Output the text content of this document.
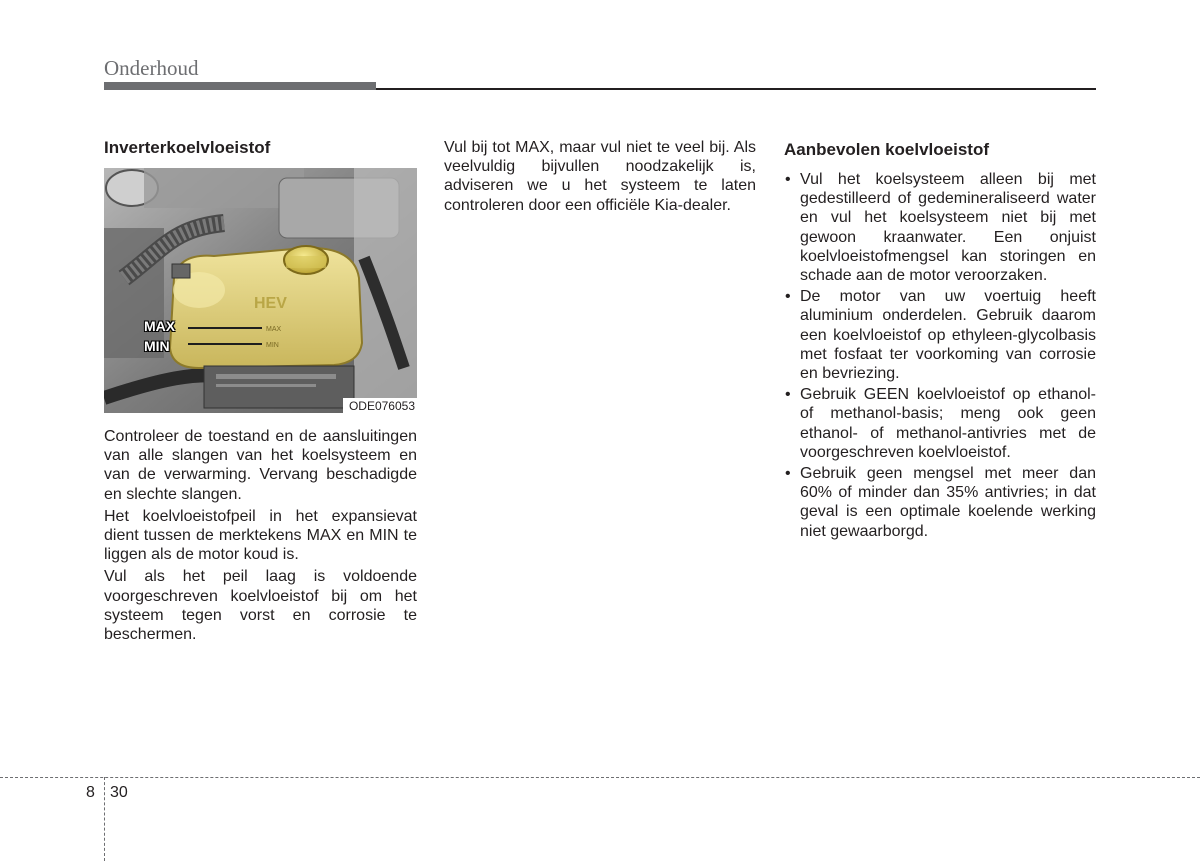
Onderhoud
Inverterkoelvloeistof
HEV
MAX
MIN
MAX
MIN
ODE076053

Controleer de toestand en de aansluitingen van alle slangen van het koelsysteem en van de verwarming. Vervang beschadigde en slechte slangen.

Het koelvloeistofpeil in het expansievat dient tussen de merktekens MAX en MIN te liggen als de motor koud is.

Vul als het peil laag is voldoende voorgeschreven koelvloeistof bij om het systeem tegen vorst en corrosie te beschermen.

Vul bij tot MAX, maar vul niet te veel bij. Als veelvuldig bijvullen noodzakelijk is, adviseren we u het systeem te laten controleren door een officiële Kia-dealer.

Aanbevolen koelvloeistof
• Vul het koelsysteem alleen bij met gedestilleerd of gedemineraliseerd water en vul het koelsysteem niet bij met gewoon kraanwater. Een onjuist koelvloeistofmengsel kan storingen en schade aan de motor veroorzaken.
• De motor van uw voertuig heeft aluminium onderdelen. Gebruik daarom een koelvloeistof op ethyleen-glycolbasis met fosfaat ter voorkoming van corrosie en bevriezing.
• Gebruik GEEN koelvloeistof op ethanol- of methanol-basis; meng ook geen ethanol- of methanol-antivries met de voorgeschreven koelvloeistof.
• Gebruik geen mengsel met meer dan 60% of minder dan 35% antivries; in dat geval is een optimale koelende werking niet gewaarborgd.
8 30
